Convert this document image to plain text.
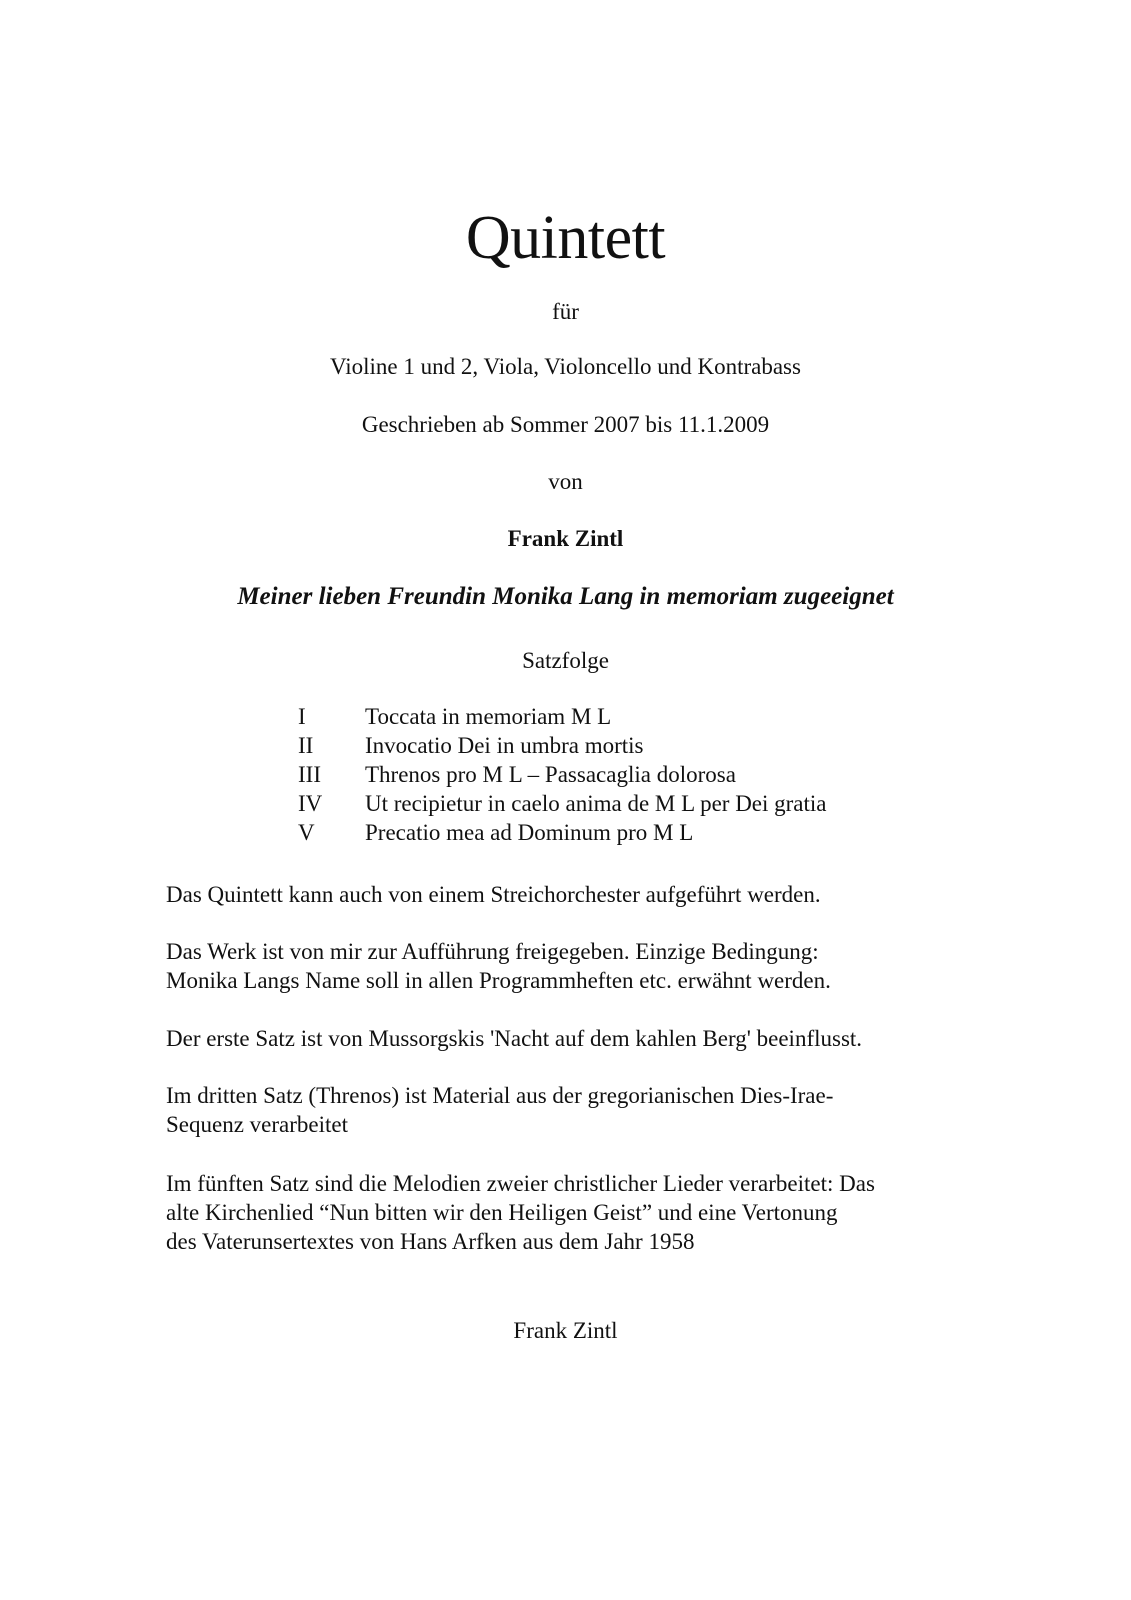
Quintett

für

Violine 1 und 2, Viola, Violoncello und Kontrabass

Geschrieben ab Sommer 2007 bis 11.1.2009

von

Frank Zintl

Meiner lieben Freundin Monika Lang in memoriam zugeeignet

Satzfolge

I	Toccata in memoriam M L
II	Invocatio Dei in umbra mortis
III	Threnos pro M L – Passacaglia dolorosa
IV	Ut recipietur in caelo anima de M L per Dei gratia
V	Precatio mea ad Dominum pro M L

Das Quintett kann auch von einem Streichorchester aufgeführt werden.

Das Werk ist von mir zur Aufführung freigegeben. Einzige Bedingung:

Monika Langs Name soll in allen Programmheften etc. erwähnt werden.

Der erste Satz ist von Mussorgskis 'Nacht auf dem kahlen Berg' beeinflusst.

Im dritten Satz (Threnos) ist Material aus der gregorianischen Dies-Irae-

Sequenz verarbeitet

Im fünften Satz sind die Melodien zweier christlicher Lieder verarbeitet: Das

alte Kirchenlied “Nun bitten wir den Heiligen Geist” und eine Vertonung

des Vaterunsertextes von Hans Arfken aus dem Jahr 1958

Frank Zintl
